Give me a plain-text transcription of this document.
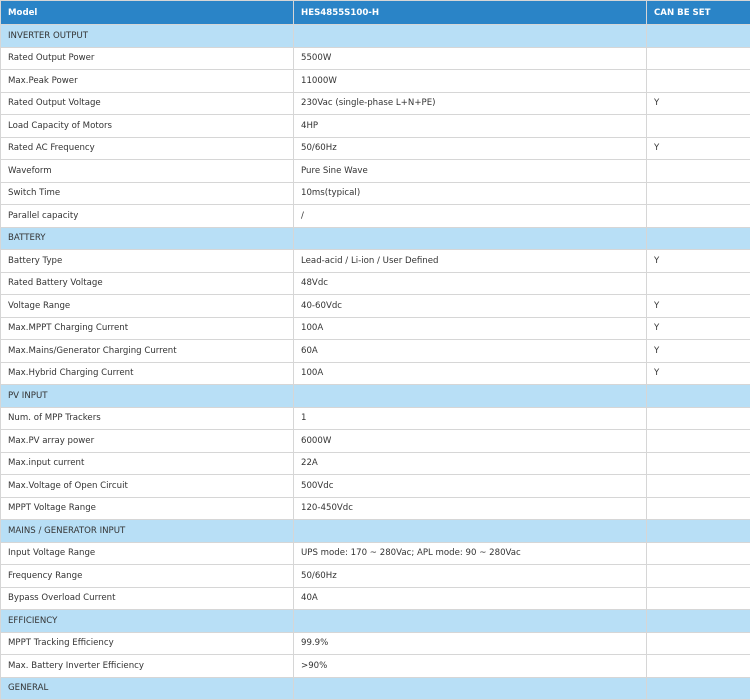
Model	HES4855S100-H	CAN BE SET
INVERTER OUTPUT		
Rated Output Power	5500W	
Max.Peak Power	11000W	
Rated Output Voltage	230Vac (single-phase L+N+PE)	Y
Load Capacity of Motors	4HP	
Rated AC Frequency	50/60Hz	Y
Waveform	Pure Sine Wave	
Switch Time	10ms(typical)	
Parallel capacity	/	
BATTERY		
Battery Type	Lead-acid / Li-ion / User Defined	Y
Rated Battery Voltage	48Vdc	
Voltage Range	40-60Vdc	Y
Max.MPPT Charging Current	100A	Y
Max.Mains/Generator Charging Current	60A	Y
Max.Hybrid Charging Current	100A	Y
PV INPUT		
Num. of MPP Trackers	1	
Max.PV array power	6000W	
Max.input current	22A	
Max.Voltage of Open Circuit	500Vdc	
MPPT Voltage Range	120-450Vdc	
MAINS / GENERATOR INPUT		
Input Voltage Range	UPS mode: 170 ~ 280Vac; APL mode: 90 ~ 280Vac	
Frequency Range	50/60Hz	
Bypass Overload Current	40A	
EFFICIENCY		
MPPT Tracking Efficiency	99.9%	
Max. Battery Inverter Efficiency	>90%	
GENERAL		
